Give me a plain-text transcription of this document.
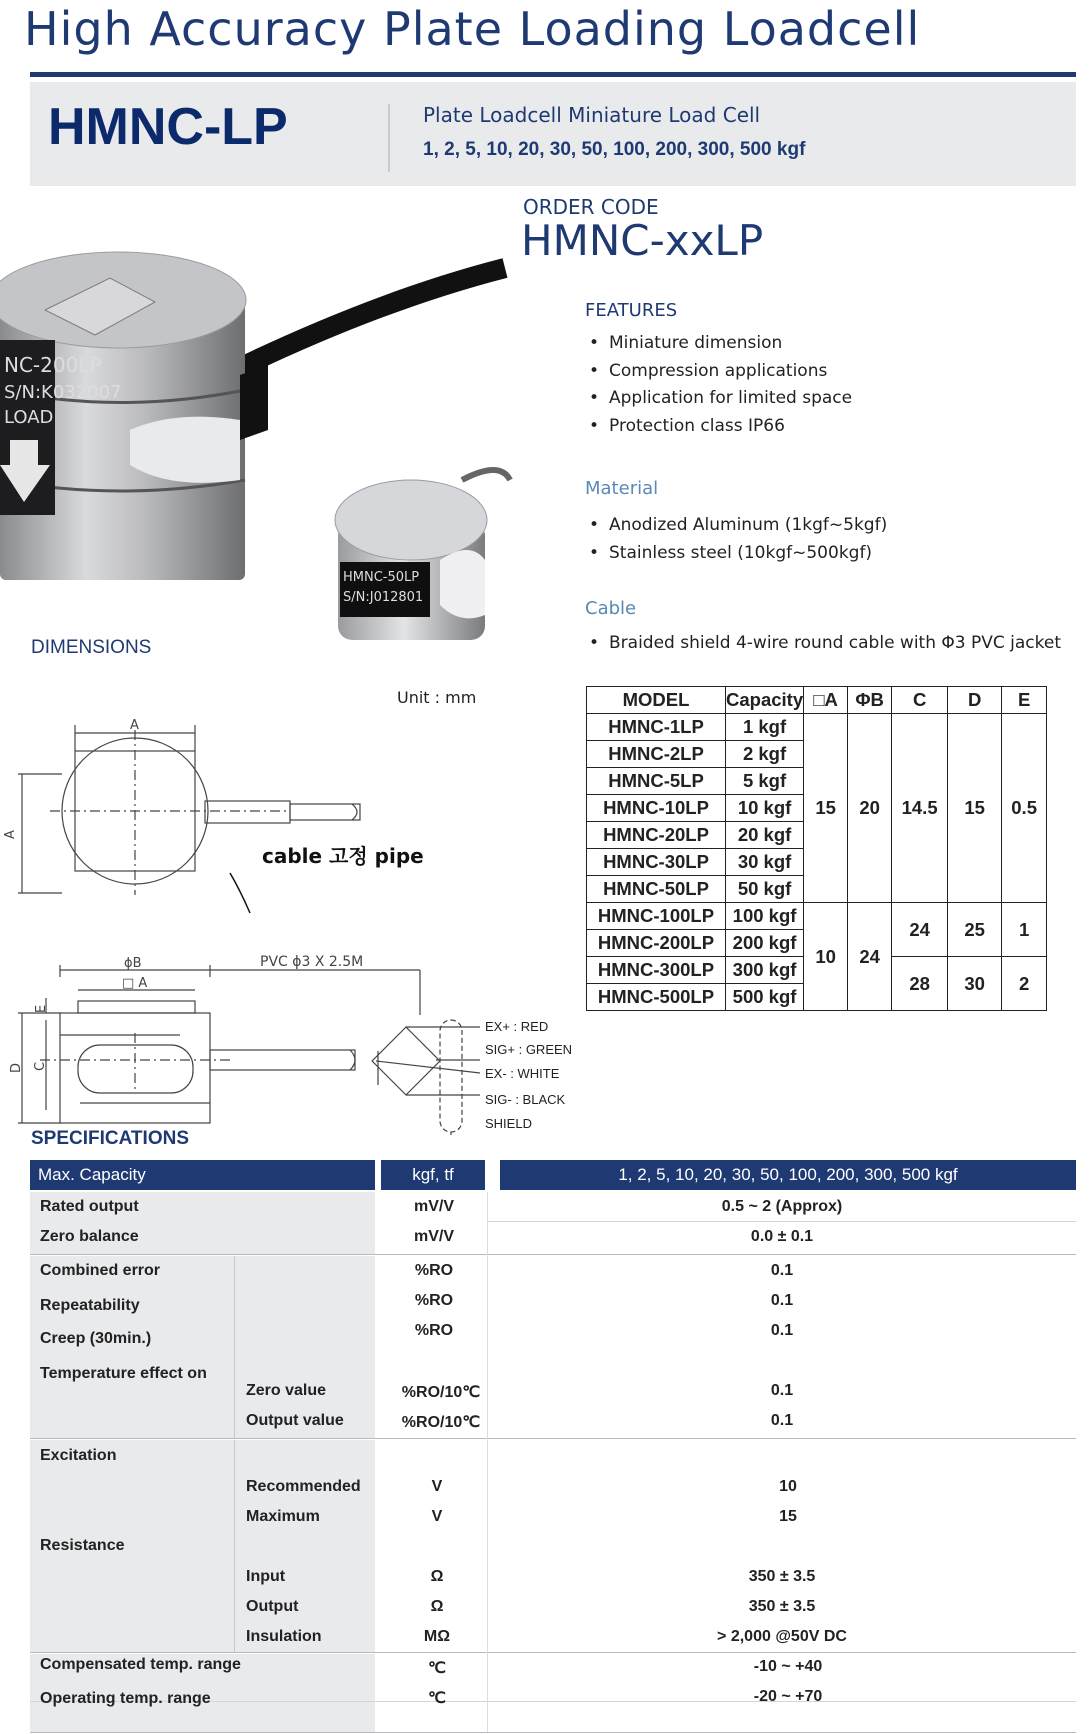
High Accuracy Plate Loading Loadcell
HMNC-LP	Plate Loadcell Miniature Load Cell
1, 2, 5, 10, 20, 30, 50, 100, 200, 300, 500 kgf
ORDER CODE
HMNC-xxLP
NC-200LP
S/N:K032007
LOAD
HMNC-50LP
S/N:J012801
FEATURES
• Miniature dimension
• Compression applications
• Application for limited space
• Protection class IP66
Material
• Anodized Aluminum (1kgf~5kgf)
• Stainless steel (10kgf~500kgf)
Cable
• Braided shield 4-wire round cable with Φ3 PVC jacket
DIMENSIONS
Unit : mm
A
A
ϕB
□ A
PVC ϕ3 X 2.5M
E
C
D
cable 고정 pipe
EX+ : RED
SIG+ : GREEN
EX- : WHITE
SIG- : BLACK
SHIELD
MODEL	Capacity	□A	ΦB	C	D	E
HMNC-1LP	1 kgf	15	20	14.5	15	0.5
HMNC-2LP	2 kgf					
HMNC-5LP	5 kgf					
HMNC-10LP	10 kgf					
HMNC-20LP	20 kgf					
HMNC-30LP	30 kgf					
HMNC-50LP	50 kgf					
HMNC-100LP	100 kgf	10	24	24	25	1
HMNC-200LP	200 kgf					
HMNC-300LP	300 kgf			28	30	2
HMNC-500LP	500 kgf					
SPECIFICATIONS
Max. Capacity	kgf, tf	1, 2, 5, 10, 20, 30, 50, 100, 200, 300, 500 kgf
Rated output	mV/V	0.5 ~ 2 (Approx)
Zero balance	mV/V	0.0 ± 0.1
Combined error	%RO	0.1
Repeatability	%RO	0.1
Creep (30min.)	%RO	0.1
Temperature effect on
Zero value	%RO/10℃	0.1
Output value	%RO/10℃	0.1
Excitation
Recommended	V	10
Maximum	V	15
Resistance
Input	Ω	350 ± 3.5
Output	Ω	350 ± 3.5
Insulation	MΩ	> 2,000 @50V DC
Compensated temp. range	℃	-10 ~ +40
Operating temp. range	℃	-20 ~ +70
